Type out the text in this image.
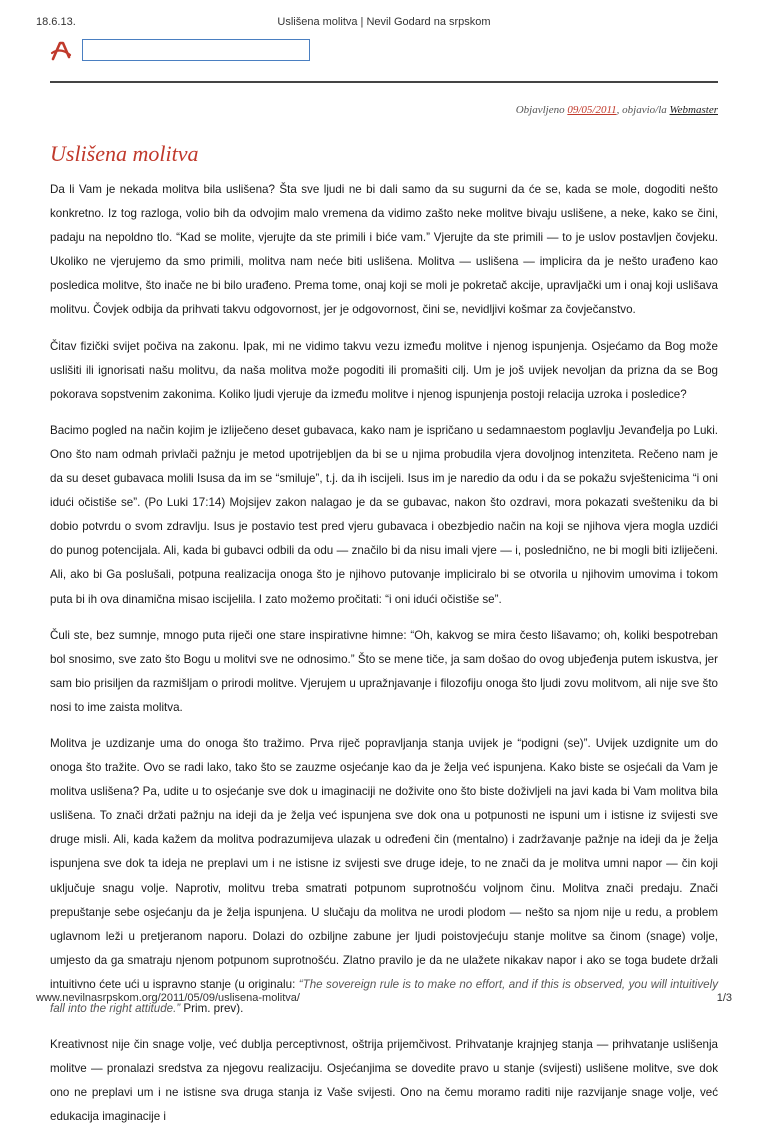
18.6.13.	Uslišena molitva | Nevil Godard na srpskom
Objavljeno 09/05/2011, objavio/la Webmaster
Uslišena molitva

Da li Vam je nekada molitva bila uslišena? Šta sve ljudi ne bi dali samo da su sugurni da će se, kada se mole, dogoditi nešto konkretno. Iz tog razloga, volio bih da odvojim malo vremena da vidimo zašto neke molitve bivaju uslišene, a neke, kako se čini, padaju na nepoldno tlo. “Kad se molite, vjerujte da ste primili i biće vam.” Vjerujte da ste primili — to je uslov postavljen čovjeku. Ukoliko ne vjerujemo da smo primili, molitva nam neće biti uslišena. Molitva — uslišena — implicira da je nešto urađeno kao posledica molitve, što inače ne bi bilo urađeno. Prema tome, onaj koji se moli je pokretač akcije, upravljački um i onaj koji uslišava molitvu. Čovjek odbija da prihvati takvu odgovornost, jer je odgovornost, čini se, nevidljivi košmar za čovječanstvo.

Čitav fizički svijet počiva na zakonu. Ipak, mi ne vidimo takvu vezu između molitve i njenog ispunjenja. Osjećamo da Bog može uslišiti ili ignorisati našu molitvu, da naša molitva može pogoditi ili promašiti cilj. Um je još uvijek nevoljan da prizna da se Bog pokorava sopstvenim zakonima. Koliko ljudi vjeruje da između molitve i njenog ispunjenja postoji relacija uzroka i posledice?

Bacimo pogled na način kojim je izliječeno deset gubavaca, kako nam je ispričano u sedamnaestom poglavlju Jevanđelja po Luki. Ono što nam odmah privlači pažnju je metod upotrijebljen da bi se u njima probudila vjera dovoljnog intenziteta. Rečeno nam je da su deset gubavaca molili Isusa da im se “smiluje”, t.j. da ih iscijeli. Isus im je naredio da odu i da se pokažu svještenicima “i oni idući očistiše se”. (Po Luki 17:14) Mojsijev zakon nalagao je da se gubavac, nakon što ozdravi, mora pokazati svešteniku da bi dobio potvrdu o svom zdravlju. Isus je postavio test pred vjeru gubavaca i obezbjedio način na koji se njihova vjera mogla uzdići do punog potencijala. Ali, kada bi gubavci odbili da odu — značilo bi da nisu imali vjere — i, poslednično, ne bi mogli biti izliječeni. Ali, ako bi Ga poslušali, potpuna realizacija onoga što je njihovo putovanje impliciralo bi se otvorila u njihovim umovima i tokom puta bi ih ova dinamična misao iscijelila. I zato možemo pročitati: “i oni idući očistiše se”.

Čuli ste, bez sumnje, mnogo puta riječi one stare inspirativne himne: “Oh, kakvog se mira često lišavamo; oh, koliki bespotreban bol snosimo, sve zato što Bogu u molitvi sve ne odnosimo.” Što se mene tiče, ja sam došao do ovog ubjeđenja putem iskustva, jer sam bio prisiljen da razmišljam o prirodi molitve. Vjerujem u upražnjavanje i filozofiju onoga što ljudi zovu molitvom, ali nije sve što nosi to ime zaista molitva.

Molitva je uzdizanje uma do onoga što tražimo. Prva riječ popravljanja stanja uvijek je “podigni (se)”. Uvijek uzdignite um do onoga što tražite. Ovo se radi lako, tako što se zauzme osjećanje kao da je želja već ispunjena. Kako biste se osjećali da Vam je molitva uslišena? Pa, udite u to osjećanje sve dok u imaginaciji ne doživite ono što biste doživljeli na javi kada bi Vam molitva bila uslišena. To znači držati pažnju na ideji da je želja već ispunjena sve dok ona u potpunosti ne ispuni um i istisne iz svijesti sve druge misli. Ali, kada kažem da molitva podrazumijeva ulazak u određeni čin (mentalno) i zadržavanje pažnje na ideji da je želja ispunjena sve dok ta ideja ne preplavi um i ne istisne iz svijesti sve druge ideje, to ne znači da je molitva umni napor — čin koji uključuje snagu volje. Naprotiv, molitvu treba smatrati potpunom suprotnošću voljnom činu. Molitva znači predaju. Znači prepuštanje sebe osjećanju da je želja ispunjena. U slučaju da molitva ne urodi plodom — nešto sa njom nije u redu, a problem uglavnom leži u pretjeranom naporu. Dolazi do ozbiljne zabune jer ljudi poistovjećuju stanje molitve sa činom (snage) volje, umjesto da ga smatraju njenom potpunom suprotnošću. Zlatno pravilo je da ne ulažete nikakav napor i ako se toga budete držali intuitivno ćete ući u ispravno stanje (u originalu: “The sovereign rule is to make no effort, and if this is observed, you will intuitively fall into the right attitude.” Prim. prev).

Kreativnost nije čin snage volje, već dublja perceptivnost, oštrija prijemčivost. Prihvatanje krajnjeg stanja — prihvatanje uslišenja molitve — pronalazi sredstva za njegovu realizaciju. Osjećanjima se dovedite pravo u stanje (svijesti) uslišene molitve, sve dok ono ne preplavi um i ne istisne sva druga stanja iz Vaše svijesti. Ono na čemu moramo raditi nije razvijanje snage volje, već edukacija imaginacije i

www.nevilnasrpskom.org/2011/05/09/uslisena-molitva/	1/3
